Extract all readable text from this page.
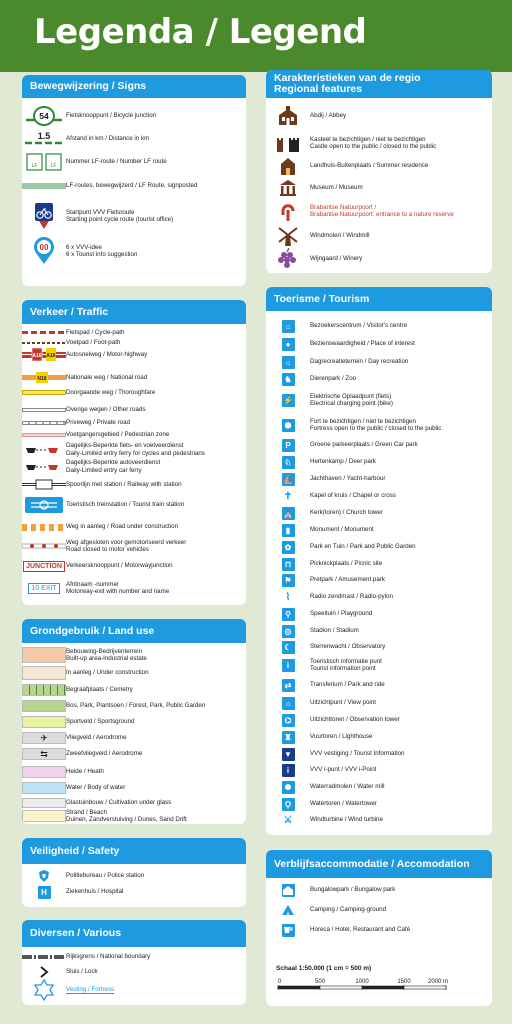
Legenda / Legend
Bewegwijzering / Signs
54	Fietsknooppunt / Bicycle junction
1.5	Afstand in km / Distance in km
LF	LF
Nummer LF-route / Number LF route
LF-routes, bewegwijzerd / LF Route, signposted
Startpunt VVV Fietsroute
Starting point cycle route (tourist office)
00	6 x VVV-idee
6 x Tourist info suggestion
Verkeer / Traffic
Fietspad / Cycle-path
Voetpad / Foot-path
A16 A16 Autosnelweg / Motor-highway
N16	Nationale weg / National road
Doorgaande weg / Thoroughfare
Overige wegen / Other roads
Priveweg / Private road
Voetgangersgebied / Pedestrian zone
Dagelijks-Beperkte fiets- en voetveerdienst
Daily-Limited entry ferry for cycles and pedestrians
Dagelijks-Beperkte autoveerdienst
Daily-Limited entry car ferry
Spoorlijn met station / Railway with station
Toeristisch treinstation / Tourist train station
Weg in aanleg / Road under construction
Weg afgesloten voor gemotoriseerd verkeer
Road closed to motor vehicles
JUNCTION Verkeersknooppunt / Motorwayjunction
10 EXIT
Afritnaam -nummer
Motorway-exit with number and name
Grondgebruik / Land use
Bebouwing-Bedrijventerrein
Built-up area-Industrial estate
In aanleg / Under construction
Begraafplaats / Cemetry
Bos, Park, Plantsoen / Forest, Park, Public Garden
Sportveld / Sportsground
✈	Vliegveld / Aerodrome
⇆	Zweefvliegveld / Aerodrome
Heide / Heath
Water / Body of water
Glastuinbouw / Cultivation under glass
Strand / Beach
Duinen, Zandverstuiving / Dunes, Sand Drift
Veiligheid / Safety
Politiebureau / Police station
H	Ziekenhuis / Hospital
Diversen / Various
Rijksgrens / National boundary
Sluis / Lock
Vesting / Fortress
Karakteristieken van de regio
Regional features
Abdij / Abbey
Kasteel te bezichtigen / niet te bezichtigen
Castle open to the public / closed to the public
Landhuis-Buitenplaats / Summer residence
Museum / Museum
Brabantse Natuurpoort /
Brabantse Natuurpoort: entrance to a nature reserve
Windmolen / Windmill
Wijngaard / Winery
Toerisme / Tourism
⌂	Bezoekerscentrum / Visitor's centre
●	Bezienswaardigheid / Place of interest
☼	Dagrecreatieterrein / Day recreation
♞	Dierenpark / Zoo
⚡	Elektrische Oplaadpunt (fiets)
Electrical charging point (bike)
⬢	Fort te bezichtigen / niet te bezichtigen
Fortress open to the public / closed to the public
P	Groene parkeerplaats / Green Car park
♘	Hertenkamp / Deer park
⛵	Jachthaven / Yacht-harbour
✝	Kapel of kruis / Chapel or cross
⛪	Kerk(toren) / Church tower
▮	Monument / Monument
✿	Park en Tuin / Park and Public Garden
⊓	Picknickplaats / Picnic site
⚑	Pretpark / Amusement park
⌇	Radio zendmast / Radio-pylon
⚲	Speeltuin / Playground
◎	Stadion / Stadium
☾	Sterrenwacht / Observatory
i	Toeristisch informatie punt
Tourist information point
⇄	Transferium / Park and ride
☼	Uitzichtpunt / View point
⌬	Uitzichttoren / Observation tower
♜	Vuurtoren / Lighthouse
▼	VVV vestiging / Tourist Information
i	VVV i-punt / VVV i-Point
✺	Waterradmolen / Water mill
Ϙ	Watertoren / Watertower
⚔	Windturbine / Wind turbine
Verblijfsaccommodatie / Accomodation
Bungalowpark / Bungalow park
Camping / Camping-ground
Horeca / Hotel, Restaurant and Café
Schaal 1:50.000 (1 cm = 500 m)
0	500	1000	1500	2000 m
